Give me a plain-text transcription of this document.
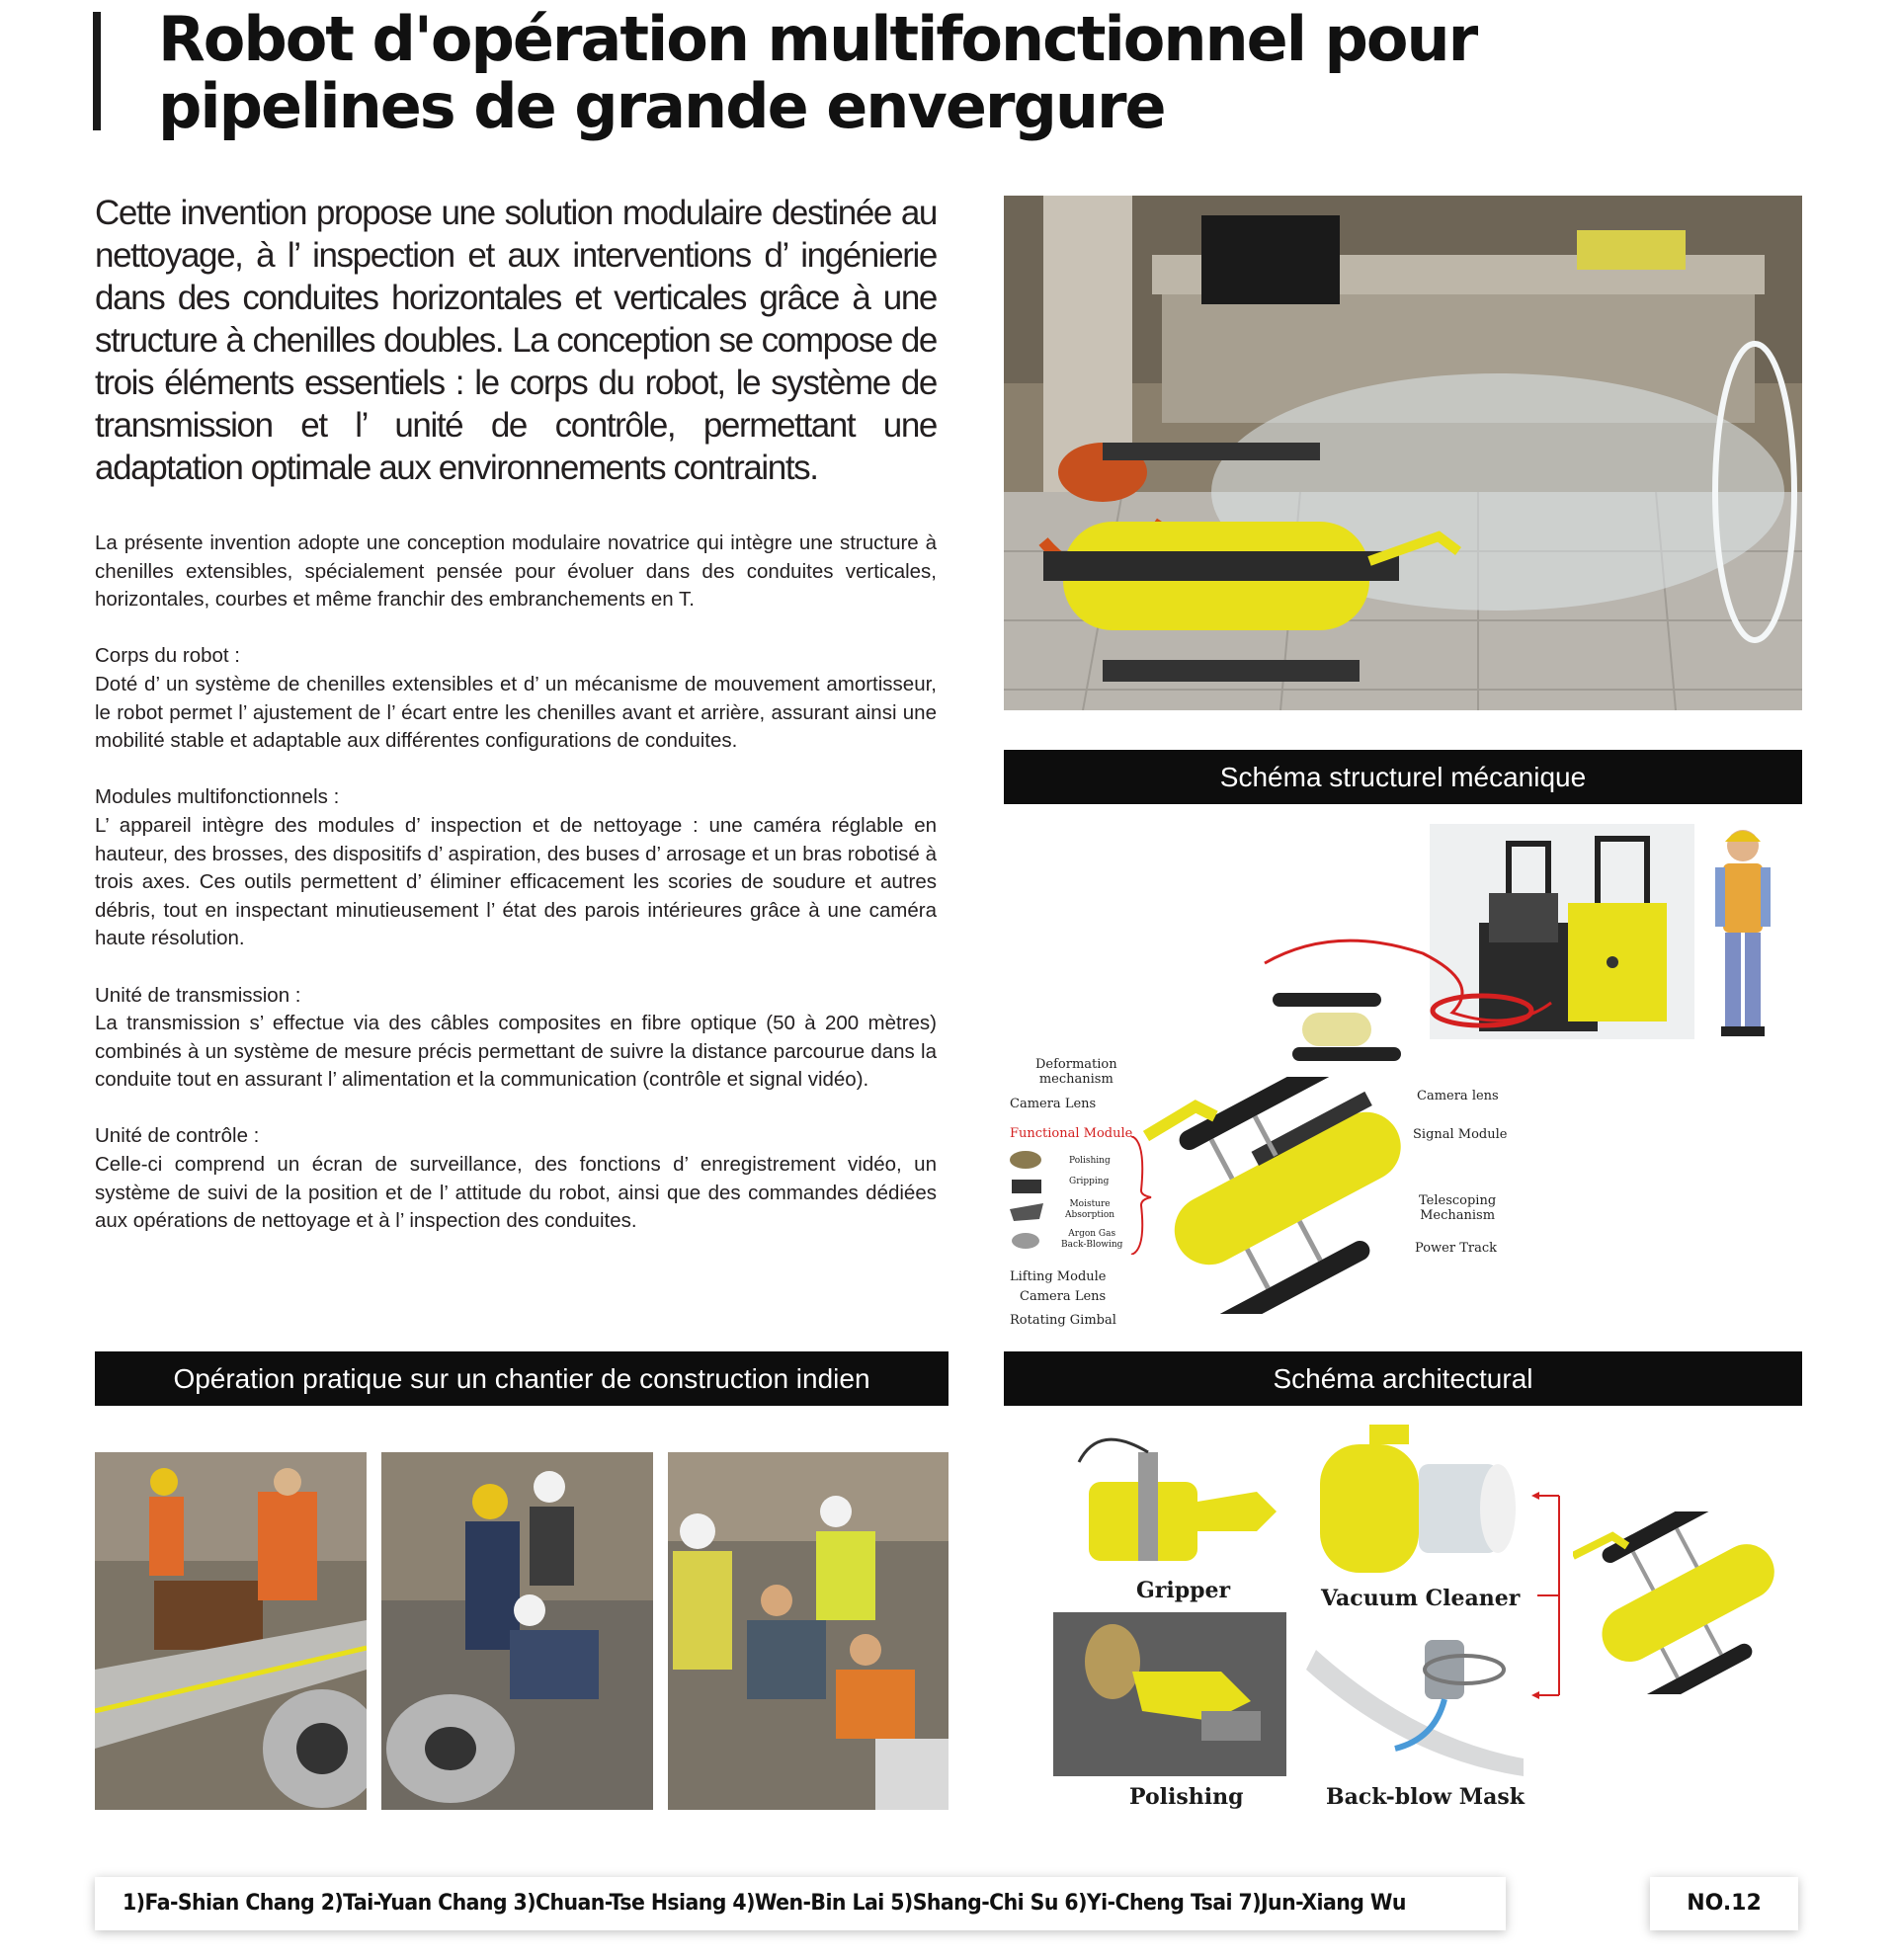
Robot d'opération multifonctionnel pour
pipelines de grande envergure

Cette invention propose une solution modulaire destinée au nettoyage, à l’ inspection et aux interventions d’ ingénierie dans des conduites horizontales et verticales grâce à une structure à chenilles doubles. La conception se compose de trois éléments essentiels : le corps du robot, le système de transmission et l’ unité de contrôle, permettant une adaptation optimale aux environnements contraints.

La présente invention adopte une conception modulaire novatrice qui intègre une structure à chenilles extensibles, spécialement pensée pour évoluer dans des conduites verticales, horizontales, courbes et même franchir des embranchements en T.

Corps du robot :

Doté d’ un système de chenilles extensibles et d’ un mécanisme de mouvement amortisseur, le robot permet l’ ajustement de l’ écart entre les chenilles avant et arrière, assurant ainsi une mobilité stable et adaptable aux différentes configurations de conduites.

Modules multifonctionnels :

L’ appareil intègre des modules d’ inspection et de nettoyage : une caméra réglable en hauteur, des brosses, des dispositifs d’ aspiration, des buses d’ arrosage et un bras robotisé à trois axes. Ces outils permettent d’ éliminer efficacement les scories de soudure et autres débris, tout en inspectant minutieusement l’ état des parois intérieures grâce à une caméra haute résolution.

Unité de transmission :

La transmission s’ effectue via des câbles composites en fibre optique (50 à 200 mètres) combinés à un système de mesure précis permettant de suivre la distance parcourue dans la conduite tout en assurant l’ alimentation et la communication (contrôle et signal vidéo).

Unité de contrôle :

Celle-ci comprend un écran de surveillance, des fonctions d’ enregistrement vidéo, un système de suivi de la position et de l’ attitude du robot, ainsi que des commandes dédiées aux opérations de nettoyage et à l’ inspection des conduites.

Schéma structurel mécanique
Deformation
mechanism
Camera Lens
Functional Module
Polishing
Gripping
Moisture
Absorption
Argon Gas
Back-Blowing
Lifting Module
Camera Lens
Rotating Gimbal
Camera lens
Signal Module
Telescoping
Mechanism
Power Track
Opération pratique sur un chantier de construction indien	Schéma architectural
Gripper	Vacuum Cleaner
Polishing	Back-blow Mask
1)Fa-Shian Chang 2)Tai-Yuan Chang 3)Chuan-Tse Hsiang 4)Wen-Bin Lai 5)Shang-Chi Su 6)Yi-Cheng Tsai 7)Jun-Xiang Wu	NO.12
